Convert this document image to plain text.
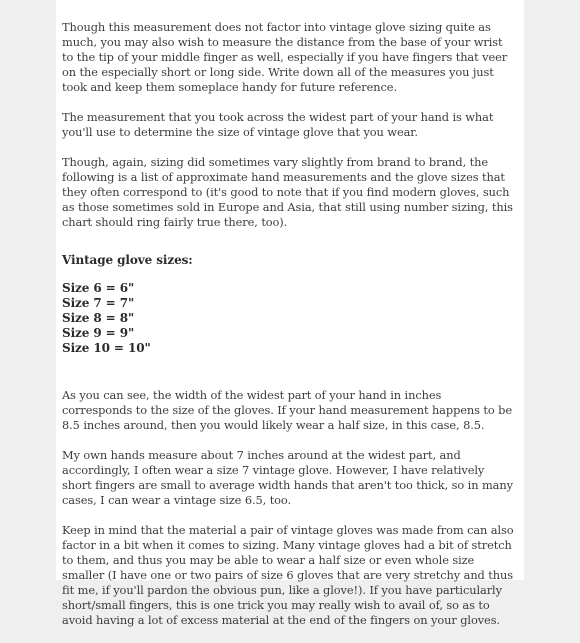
Though this measurement does not factor into vintage glove sizing quite as much, you may also wish to measure the distance from the base of your wrist to the tip of your middle finger as well, especially if you have fingers that veer on the especially short or long side. Write down all of the measures you just took and keep them someplace handy for future reference.

The measurement that you took across the widest part of your hand is what you'll use to determine the size of vintage glove that you wear.

Though, again, sizing did sometimes vary slightly from brand to brand, the following is a list of approximate hand measurements and the glove sizes that they often correspond to (it's good to note that if you find modern gloves, such as those sometimes sold in Europe and Asia, that still using number sizing, this chart should ring fairly true there, too).

Vintage glove sizes:
Size 6 = 6"
Size 7 = 7"
Size 8 = 8"
Size 9 = 9"
Size 10 = 10"

As you can see, the width of the widest part of your hand in inches corresponds to the size of the gloves. If your hand measurement happens to be 8.5 inches around, then you would likely wear a half size, in this case, 8.5.

My own hands measure about 7 inches around at the widest part, and accordingly, I often wear a size 7 vintage glove. However, I have relatively short fingers are small to average width hands that aren't too thick, so in many cases, I can wear a vintage size 6.5, too.

Keep in mind that the material a pair of vintage gloves was made from can also factor in a bit when it comes to sizing. Many vintage gloves had a bit of stretch to them, and thus you may be able to wear a half size or even whole size smaller (I have one or two pairs of size 6 gloves that are very stretchy and thus fit me, if you'll pardon the obvious pun, like a glove!). If you have particularly short/small fingers, this is one trick you may really wish to avail of, so as to avoid having a lot of excess material at the end of the fingers on your gloves.
